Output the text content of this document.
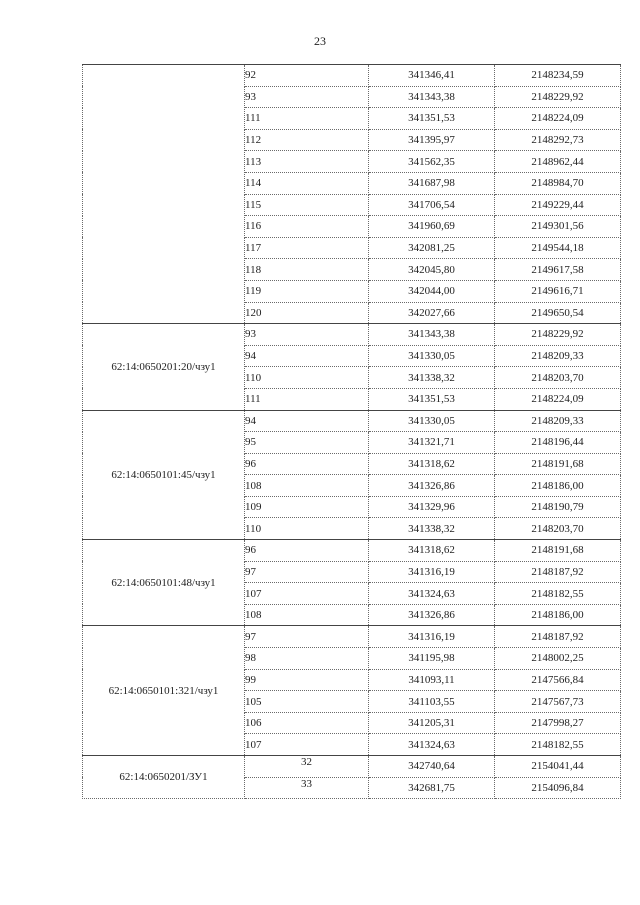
23
	92	341346,41	2148234,59
	93	341343,38	2148229,92
	111	341351,53	2148224,09
	112	341395,97	2148292,73
	113	341562,35	2148962,44
	114	341687,98	2148984,70
	115	341706,54	2149229,44
	116	341960,69	2149301,56
	117	342081,25	2149544,18
	118	342045,80	2149617,58
	119	342044,00	2149616,71
	120	342027,66	2149650,54
62:14:0650201:20/чзу1	93	341343,38	2148229,92
	94	341330,05	2148209,33
	110	341338,32	2148203,70
	111	341351,53	2148224,09
62:14:0650101:45/чзу1	94	341330,05	2148209,33
	95	341321,71	2148196,44
	96	341318,62	2148191,68
	108	341326,86	2148186,00
	109	341329,96	2148190,79
	110	341338,32	2148203,70
62:14:0650101:48/чзу1	96	341318,62	2148191,68
	97	341316,19	2148187,92
	107	341324,63	2148182,55
	108	341326,86	2148186,00
62:14:0650101:321/чзу1	97	341316,19	2148187,92
	98	341195,98	2148002,25
	99	341093,11	2147566,84
	105	341103,55	2147567,73
	106	341205,31	2147998,27
	107	341324,63	2148182,55
62:14:0650201/ЗУ1	32	342740,64	2154041,44
	33	342681,75	2154096,84
